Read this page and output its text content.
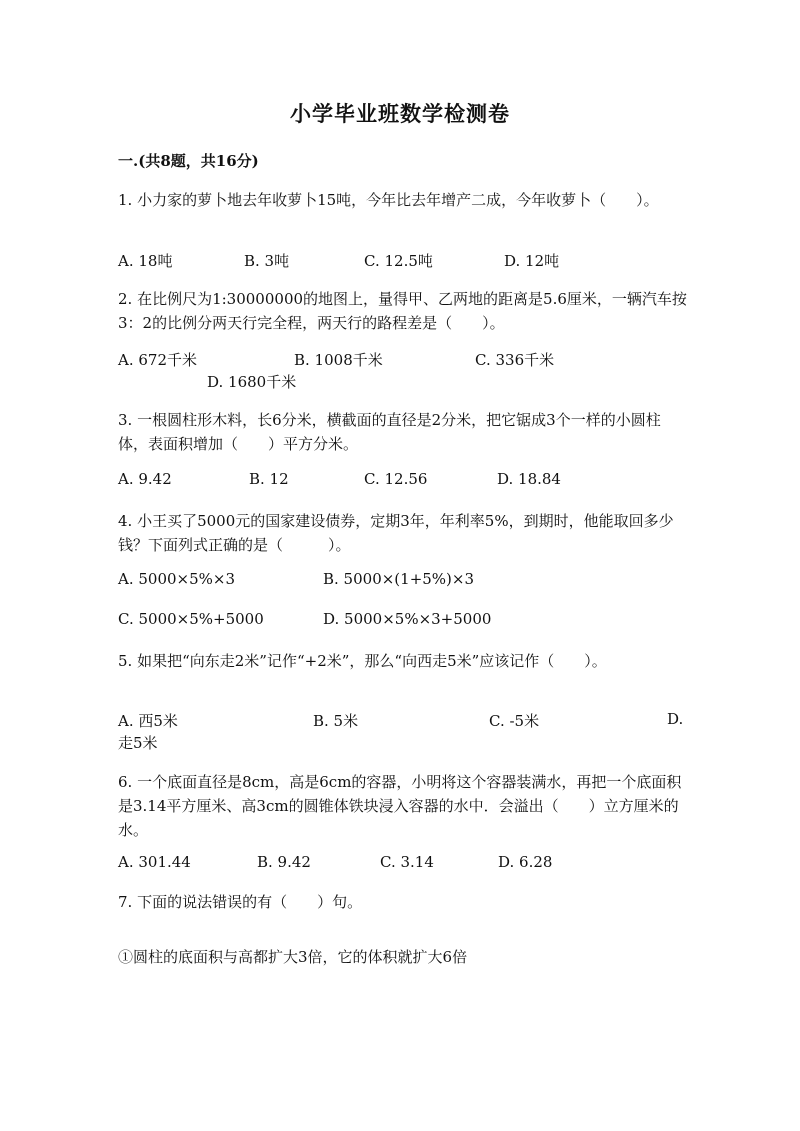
小学毕业班数学检测卷
一.(共8题，共16分)
1. 小力家的萝卜地去年收萝卜15吨，今年比去年增产二成，今年收萝卜（　　）。
A. 18吨	B. 3吨	C. 12.5吨	D. 12吨
2. 在比例尺为1:30000000的地图上，量得甲、乙两地的距离是5.6厘米，一辆汽车按3：2的比例分两天行完全程，两天行的路程差是（　　）。
A. 672千米	B. 1008千米	C. 336千米
D. 1680千米
3. 一根圆柱形木料，长6分米，横截面的直径是2分米，把它锯成3个一样的小圆柱体，表面积增加（　　）平方分米。
A. 9.42	B. 12	C. 12.56	D. 18.84
4. 小王买了5000元的国家建设债券，定期3年，年利率5%，到期时，他能取回多少钱？下面列式正确的是（　　　）。
A. 5000×5%×3	B. 5000×(1+5%)×3
C. 5000×5%+5000	D. 5000×5%×3+5000
5. 如果把“向东走2米”记作“+2米”，那么“向西走5米”应该记作（　　）。
A. 西5米	B. 5米	C. -5米	D.
走5米
6. 一个底面直径是8cm，高是6cm的容器，小明将这个容器装满水，再把一个底面积是3.14平方厘米、高3cm的圆锥体铁块浸入容器的水中．会溢出（　　）立方厘米的水。
A. 301.44	B. 9.42	C. 3.14	D. 6.28
7. 下面的说法错误的有（　　）句。
①圆柱的底面积与高都扩大3倍，它的体积就扩大6倍
